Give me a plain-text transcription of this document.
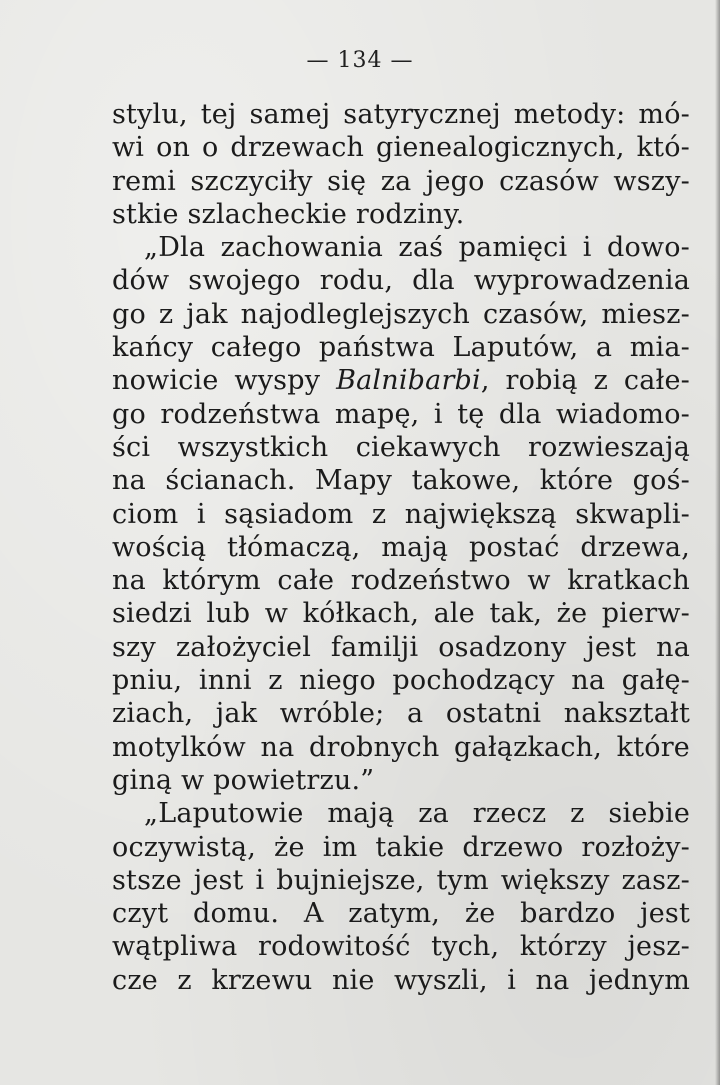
— 134 —
stylu, tej samej satyrycznej metody: mó-
wi on o drzewach gienealogicznych, któ-
remi szczyciły się za jego czasów wszy-
stkie szlacheckie rodziny.
„Dla zachowania zaś pamięci i dowo-
dów swojego rodu, dla wyprowadzenia
go z jak najodleglejszych czasów, miesz-
kańcy całego państwa Laputów, a mia-
nowicie wyspy Balnibarbi, robią z całe-
go rodzeństwa mapę, i tę dla wiadomo-
ści wszystkich ciekawych rozwieszają
na ścianach. Mapy takowe, które goś-
ciom i sąsiadom z największą skwapli-
wością tłómaczą, mają postać drzewa,
na którym całe rodzeństwo w kratkach
siedzi lub w kółkach, ale tak, że pierw-
szy założyciel familji osadzony jest na
pniu, inni z niego pochodzący na gałę-
ziach, jak wróble; a ostatni nakształt
motylków na drobnych gałązkach, które
giną w powietrzu.”
„Laputowie mają za rzecz z siebie
oczywistą, że im takie drzewo rozłoży-
stsze jest i bujniejsze, tym większy zasz-
czyt domu. A zatym, że bardzo jest
wątpliwa rodowitość tych, którzy jesz-
cze z krzewu nie wyszli, i na jednym
